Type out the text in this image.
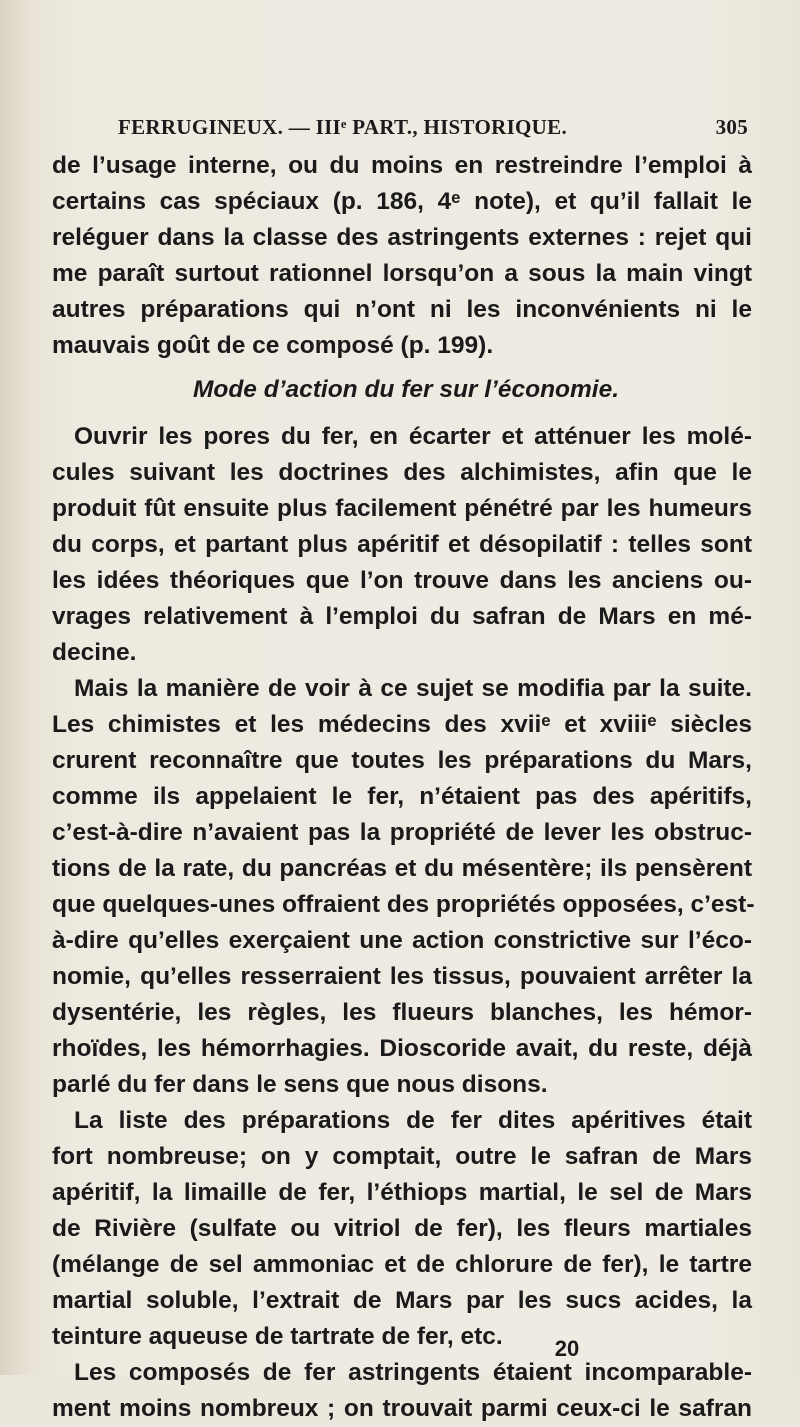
FERRUGINEUX. — IIIᵉ PART., HISTORIQUE.	305
de l’usage interne, ou du moins en restreindre l’emploi à
certains cas spéciaux (p. 186, 4ᵉ note), et qu’il fallait le
reléguer dans la classe des astringents externes : rejet qui
me paraît surtout rationnel lorsqu’on a sous la main vingt
autres préparations qui n’ont ni les inconvénients ni le
mauvais goût de ce composé (p. 199).
Mode d’action du fer sur l’économie.
Ouvrir les pores du fer, en écarter et atténuer les molé-
cules suivant les doctrines des alchimistes, afin que le
produit fût ensuite plus facilement pénétré par les humeurs
du corps, et partant plus apéritif et désopilatif : telles sont
les idées théoriques que l’on trouve dans les anciens ou-
vrages relativement à l’emploi du safran de Mars en mé-
decine.
Mais la manière de voir à ce sujet se modifia par la suite.
Les chimistes et les médecins des xviiᵉ et xviiiᵉ siècles
crurent reconnaître que toutes les préparations du Mars,
comme ils appelaient le fer, n’étaient pas des apéritifs,
c’est-à-dire n’avaient pas la propriété de lever les obstruc-
tions de la rate, du pancréas et du mésentère; ils pensèrent
que quelques-unes offraient des propriétés opposées, c’est-
à-dire qu’elles exerçaient une action constrictive sur l’éco-
nomie, qu’elles resserraient les tissus, pouvaient arrêter la
dysentérie, les règles, les flueurs blanches, les hémor-
rhoïdes, les hémorrhagies. Dioscoride avait, du reste, déjà
parlé du fer dans le sens que nous disons.
La liste des préparations de fer dites apéritives était
fort nombreuse; on y comptait, outre le safran de Mars
apéritif, la limaille de fer, l’éthiops martial, le sel de Mars
de Rivière (sulfate ou vitriol de fer), les fleurs martiales
(mélange de sel ammoniac et de chlorure de fer), le tartre
martial soluble, l’extrait de Mars par les sucs acides, la
teinture aqueuse de tartrate de fer, etc.
Les composés de fer astringents étaient incomparable-
ment moins nombreux ; on trouvait parmi ceux-ci le safran
20
